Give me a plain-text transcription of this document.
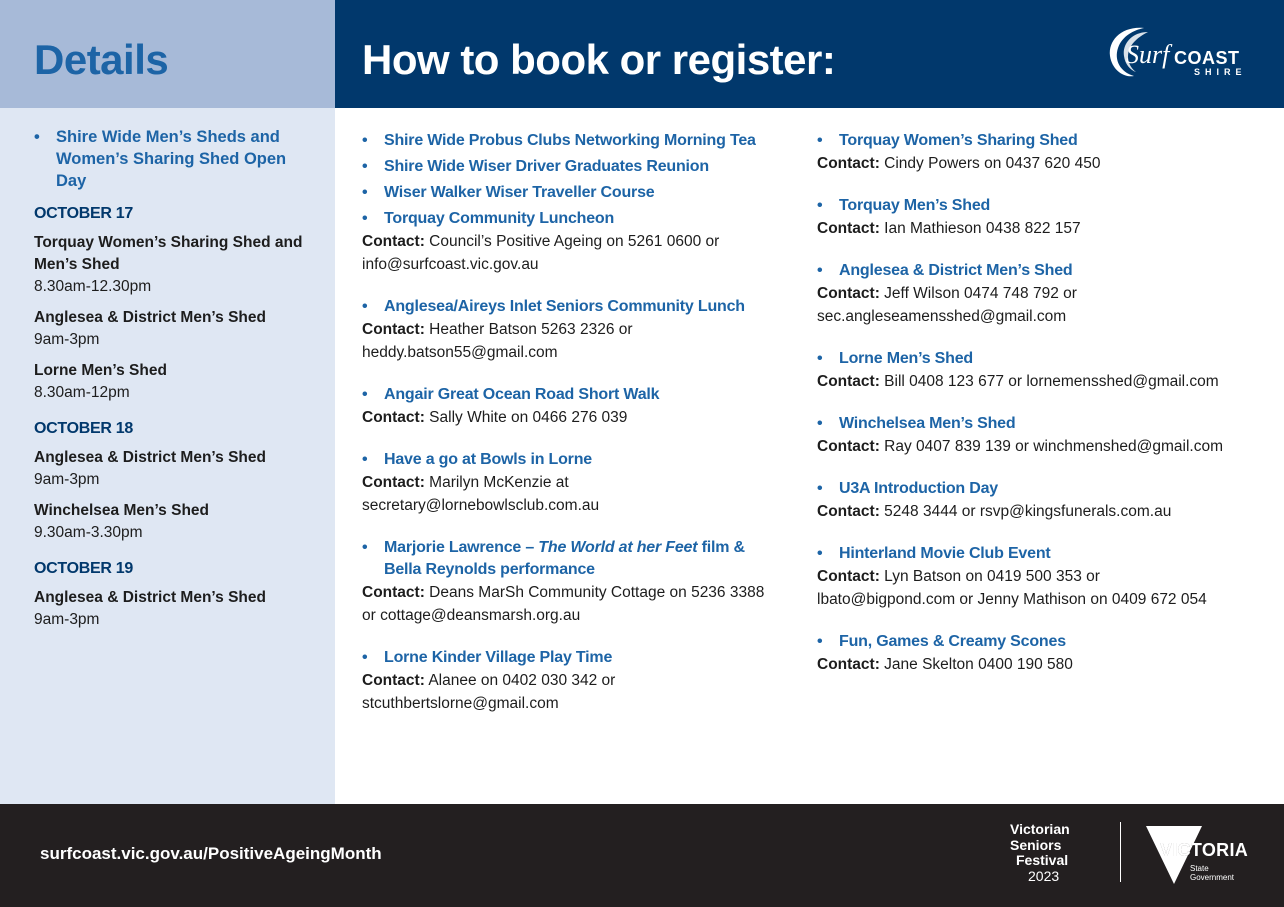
Details	How to book or register:	Surf COAST
SHIRE
• Shire Wide Men’s Sheds and Women’s Sharing Shed Open Day
OCTOBER 17
Torquay Women’s Sharing Shed and Men’s Shed
8.30am-12.30pm
Anglesea & District Men’s Shed
9am-3pm
Lorne Men’s Shed
8.30am-12pm
OCTOBER 18
Anglesea & District Men’s Shed
9am-3pm
Winchelsea Men’s Shed
9.30am-3.30pm
OCTOBER 19
Anglesea & District Men’s Shed
9am-3pm
• Shire Wide Probus Clubs Networking Morning Tea
• Shire Wide Wiser Driver Graduates Reunion
• Wiser Walker Wiser Traveller Course
• Torquay Community Luncheon
Contact: Council’s Positive Ageing on 5261 0600 or
info@surfcoast.vic.gov.au
• Anglesea/Aireys Inlet Seniors Community Lunch
Contact: Heather Batson 5263 2326 or
heddy.batson55@gmail.com
• Angair Great Ocean Road Short Walk
Contact: Sally White on 0466 276 039
• Have a go at Bowls in Lorne
Contact: Marilyn McKenzie at
secretary@lornebowlsclub.com.au
• Marjorie Lawrence – The World at her Feet film &
Bella Reynolds performance
Contact: Deans MarSh Community Cottage on 5236 3388
or cottage@deansmarsh.org.au
• Lorne Kinder Village Play Time
Contact: Alanee on 0402 030 342 or
stcuthbertslorne@gmail.com
• Torquay Women’s Sharing Shed
Contact: Cindy Powers on 0437 620 450
• Torquay Men’s Shed
Contact: Ian Mathieson 0438 822 157
• Anglesea & District Men’s Shed
Contact: Jeff Wilson 0474 748 792 or
sec.angleseamensshed@gmail.com
• Lorne Men’s Shed
Contact: Bill 0408 123 677 or lornemensshed@gmail.com
• Winchelsea Men’s Shed
Contact: Ray 0407 839 139 or winchmenshed@gmail.com
• U3A Introduction Day
Contact: 5248 3444 or rsvp@kingsfunerals.com.au
• Hinterland Movie Club Event
Contact: Lyn Batson on 0419 500 353 or
lbato@bigpond.com or Jenny Mathison on 0409 672 054
• Fun, Games & Creamy Scones
Contact: Jane Skelton 0400 190 580
surfcoast.vic.gov.au/PositiveAgeingMonth
Victorian
Seniors
Festival
2023
VICTORIA
State
Government
